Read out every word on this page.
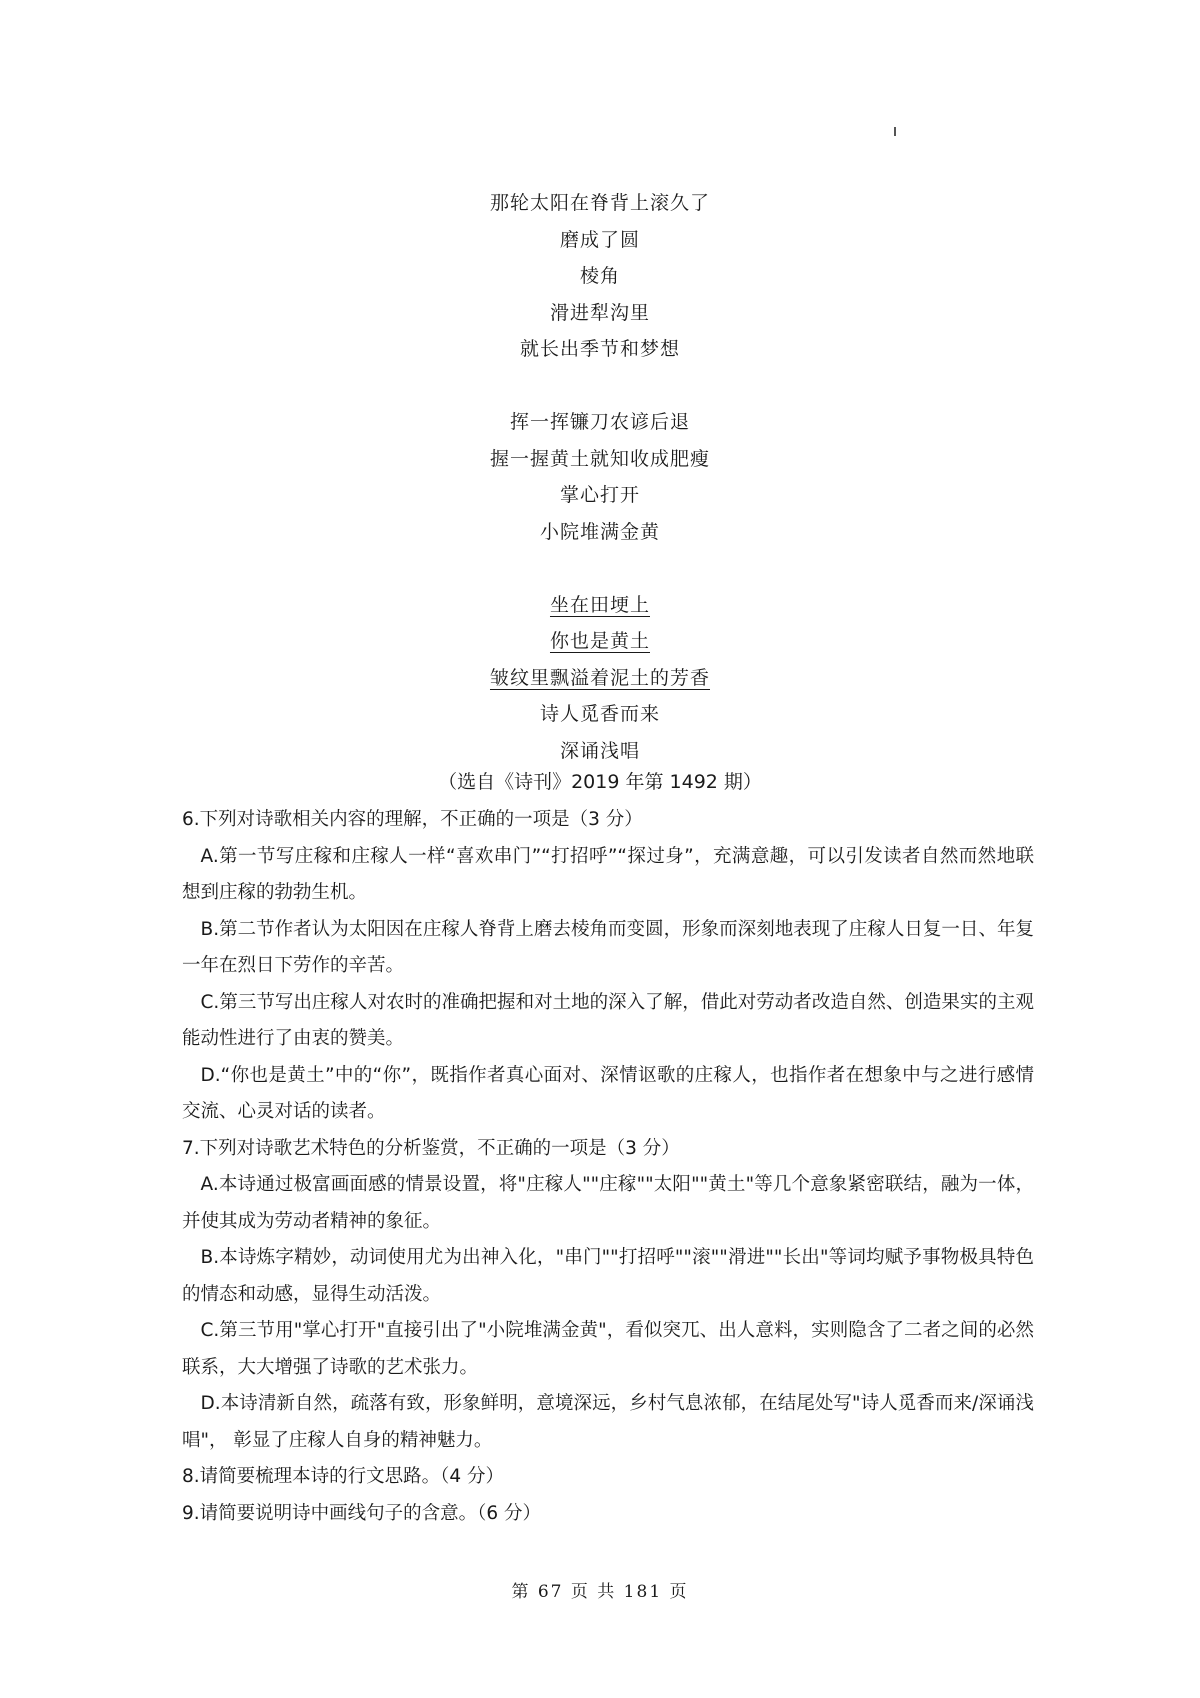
那轮太阳在脊背上滚久了
磨成了圆
棱角
滑进犁沟里
就长出季节和梦想
挥一挥镰刀农谚后退
握一握黄土就知收成肥瘦
掌心打开
小院堆满金黄
坐在田埂上
你也是黄土
皱纹里飘溢着泥土的芳香
诗人觅香而来
深诵浅唱
（选自《诗刊》2019 年第 1492 期）
6.下列对诗歌相关内容的理解，不正确的一项是（3 分）
A.第一节写庄稼和庄稼人一样“喜欢串门”“打招呼”“探过身”，充满意趣，可以引发读者自然而然地联想到庄稼的勃勃生机。
B.第二节作者认为太阳因在庄稼人脊背上磨去棱角而变圆，形象而深刻地表现了庄稼人日复一日、年复一年在烈日下劳作的辛苦。
C.第三节写出庄稼人对农时的准确把握和对土地的深入了解，借此对劳动者改造自然、创造果实的主观能动性进行了由衷的赞美。
D.“你也是黄土”中的“你”，既指作者真心面对、深情讴歌的庄稼人，也指作者在想象中与之进行感情交流、心灵对话的读者。
7.下列对诗歌艺术特色的分析鉴赏，不正确的一项是（3 分）
A.本诗通过极富画面感的情景设置，将"庄稼人""庄稼""太阳""黄土"等几个意象紧密联结，融为一体，并使其成为劳动者精神的象征。
B.本诗炼字精妙，动词使用尤为出神入化，"串门""打招呼""滚""滑进""长出"等词均赋予事物极具特色的情态和动感，显得生动活泼。
C.第三节用"掌心打开"直接引出了"小院堆满金黄"，看似突兀、出人意料，实则隐含了二者之间的必然联系，大大增强了诗歌的艺术张力。
D.本诗清新自然，疏落有致，形象鲜明，意境深远，乡村气息浓郁，在结尾处写"诗人觅香而来/深诵浅唱"， 彰显了庄稼人自身的精神魅力。
8.请简要梳理本诗的行文思路。（4 分）
9.请简要说明诗中画线句子的含意。（6 分）
第 67 页 共 181 页
